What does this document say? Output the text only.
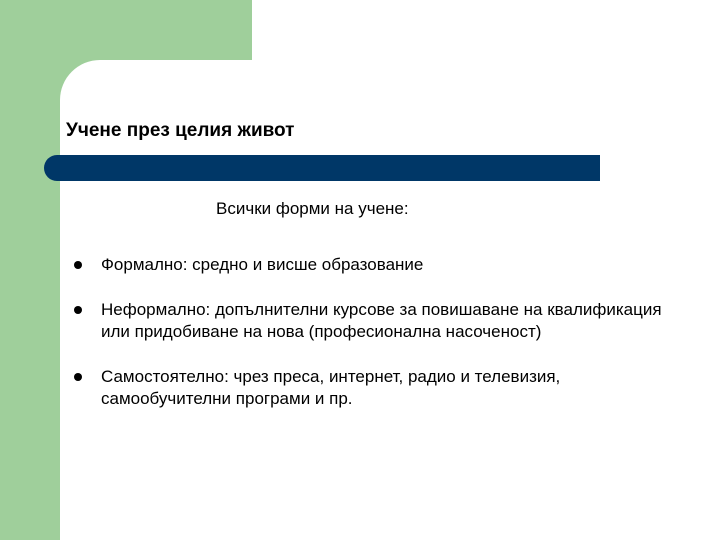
Учене през целия живот
Всички форми на учене:
Формално: средно и висше образование
Неформално: допълнителни курсове за повишаване на квалификация или придобиване на нова (професионална насоченост)
Самостоятелно: чрез преса, интернет, радио и телевизия, самообучителни програми и пр.
